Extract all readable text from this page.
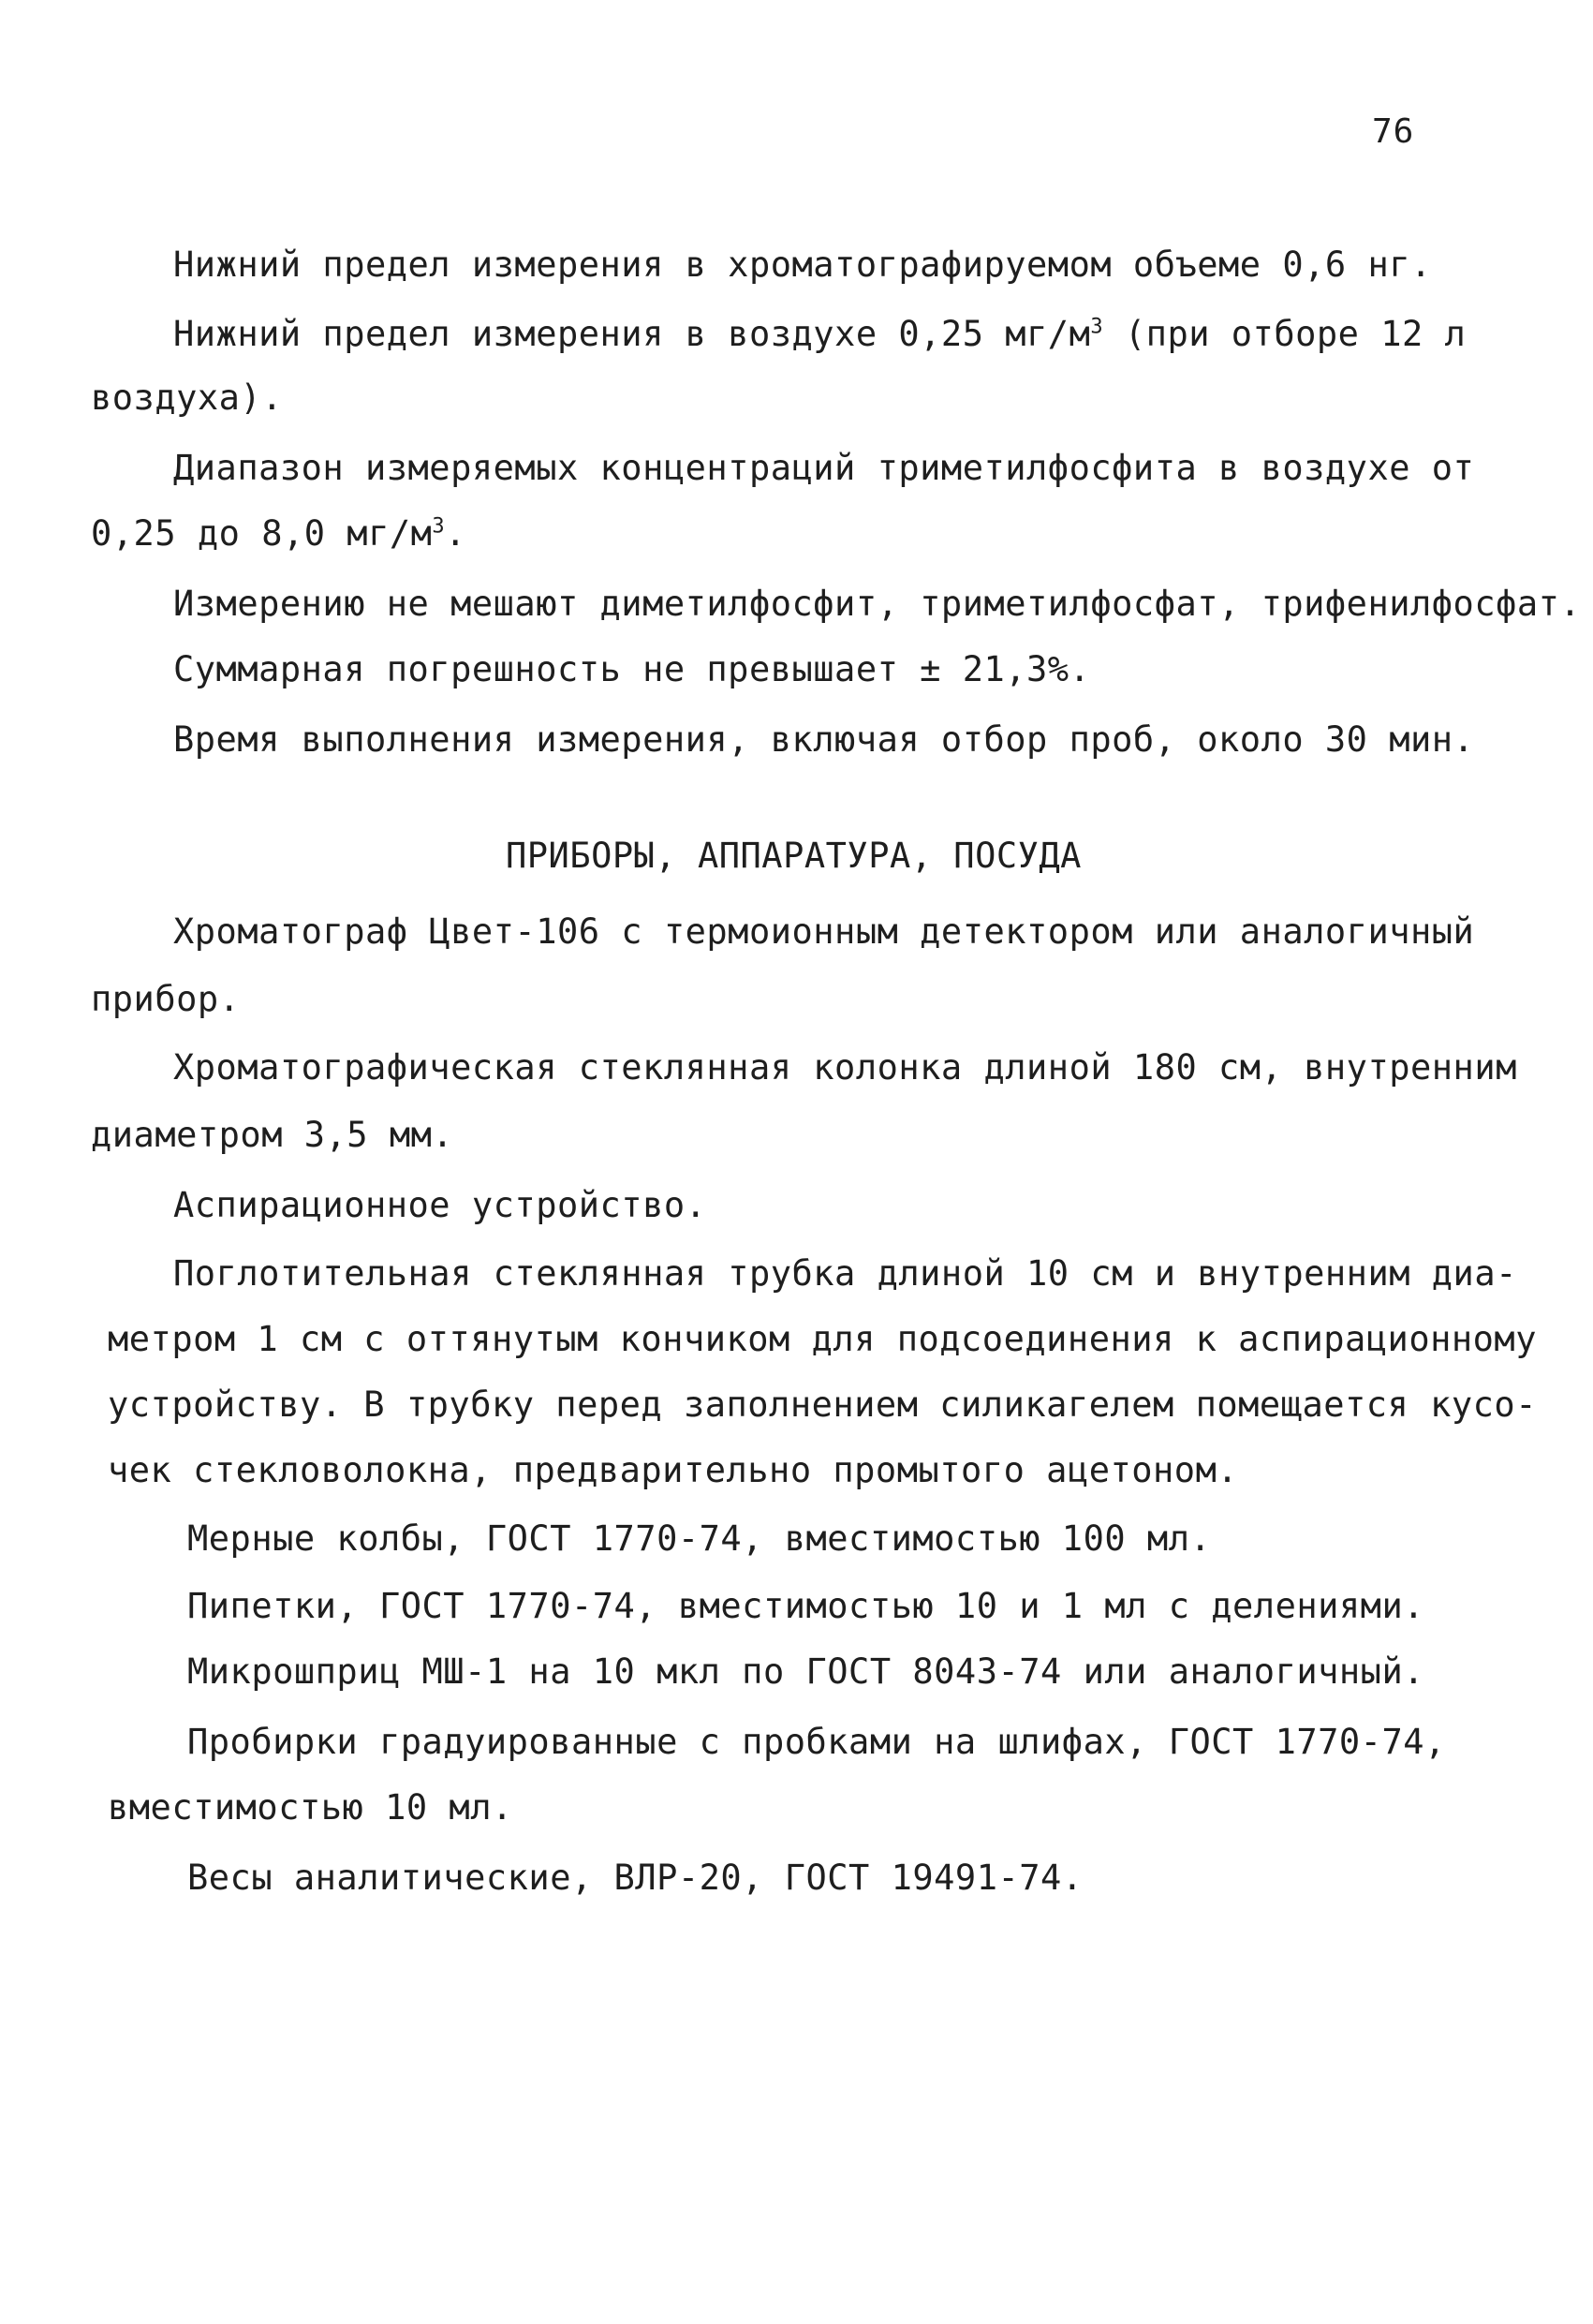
76
Нижний предел измерения в хроматографируемом объеме 0,6 нг.
Нижний предел измерения в воздухе 0,25 $мг/м^3$ (при отборе 12 л
воздуха).
Диапазон измеряемых концентраций триметилфосфита в воздухе от
0,25 до 8,0 $мг/м^3$.
Измерению не мешают диметилфосфит, триметилфосфат, трифенилфосфат.
Суммарная погрешность не превышает ± 21,3%.
Время выполнения измерения, включая отбор проб, около 30 мин.
ПРИБОРЫ, АППАРАТУРА, ПОСУДА
Хроматограф Цвет-106 с термоионным детектором или аналогичный
прибор.
Хроматографическая стеклянная колонка длиной 180 см, внутренним
диаметром 3,5 мм.
Аспирационное устройство.
Поглотительная стеклянная трубка длиной 10 см и внутренним диа-
метром 1 см с оттянутым кончиком для подсоединения к аспирационному
устройству. В трубку перед заполнением силикагелем помещается кусо-
чек стекловолокна, предварительно промытого ацетоном.
Мерные колбы, ГОСТ 1770-74, вместимостью 100 мл.
Пипетки, ГОСТ 1770-74, вместимостью 10 и 1 мл с делениями.
Микрошприц МШ-1 на 10 мкл по ГОСТ 8043-74 или аналогичный.
Пробирки градуированные с пробками на шлифах, ГОСТ 1770-74,
вместимостью 10 мл.
Весы аналитические, ВЛР-20, ГОСТ 19491-74.
